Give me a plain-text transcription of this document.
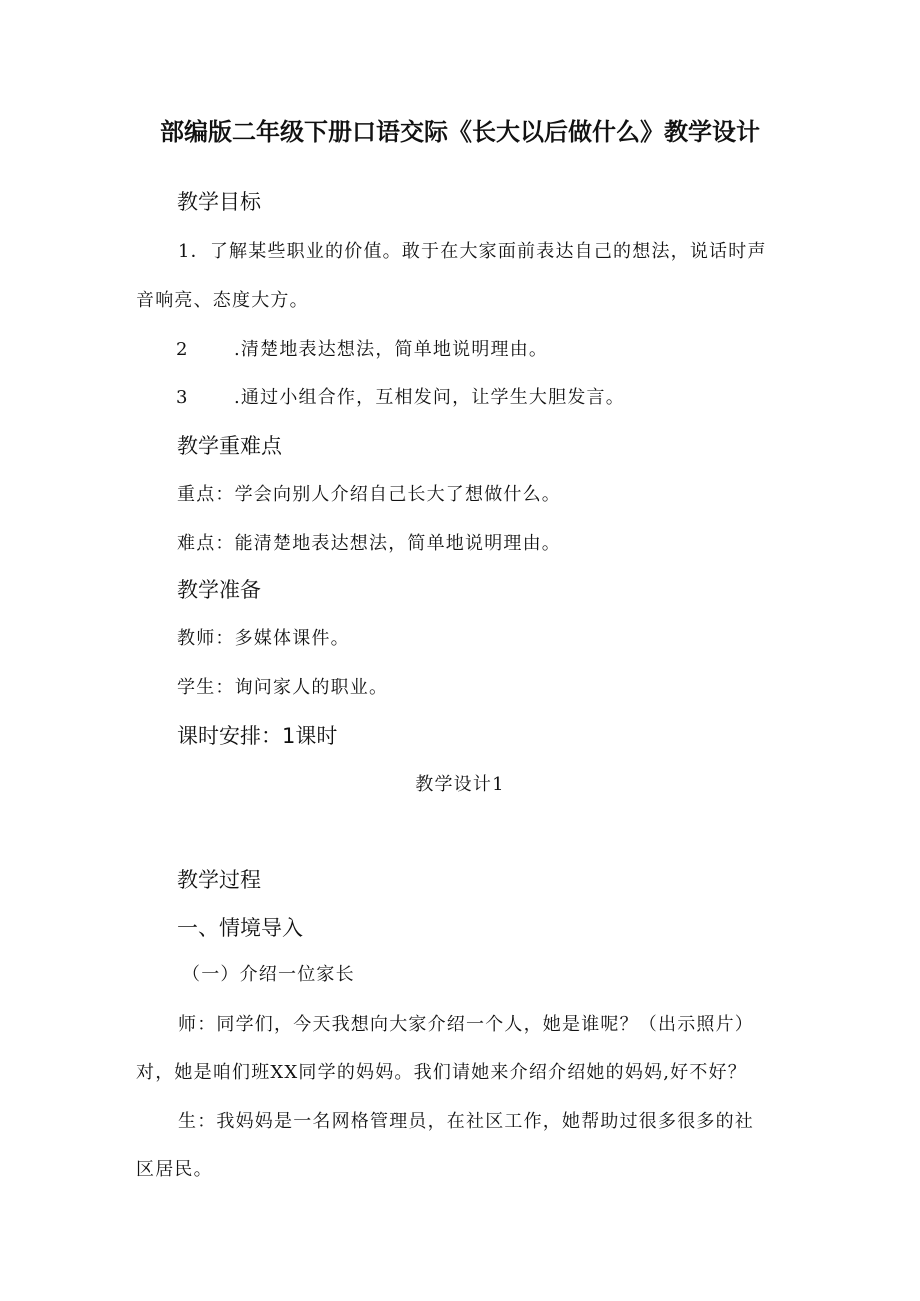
部编版二年级下册口语交际《长大以后做什么》教学设计
教学目标
1．了解某些职业的价值。敢于在大家面前表达自己的想法，说话时声
音响亮、态度大方。
2	.清楚地表达想法，简单地说明理由。
3	.通过小组合作，互相发问，让学生大胆发言。
教学重难点
重点：学会向别人介绍自己长大了想做什么。
难点：能清楚地表达想法，简单地说明理由。
教学准备
教师：多媒体课件。
学生：询问家人的职业。
课时安排：1课时
教学设计1
教学过程
一、情境导入
（一）介绍一位家长
师：同学们，今天我想向大家介绍一个人，她是谁呢？（出示照片）
对，她是咱们班XX同学的妈妈。我们请她来介绍介绍她的妈妈,好不好？
生：我妈妈是一名网格管理员，在社区工作，她帮助过很多很多的社
区居民。
